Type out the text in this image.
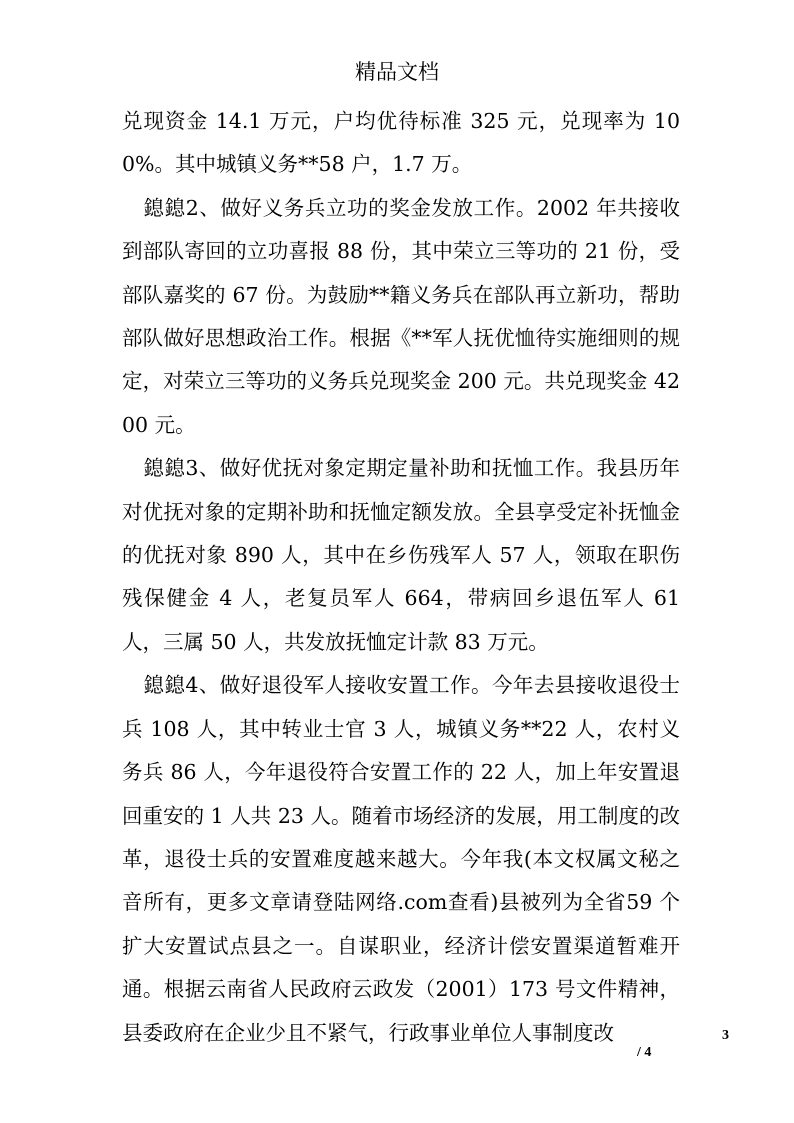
精品文档

兑现资金 14.1 万元，户均优待标准 325 元，兑现率为 100%。其中城镇义务**58 户，1.7 万。

鎴鎴2、做好义务兵立功的奖金发放工作。2002 年共接收到部队寄回的立功喜报 88 份，其中荣立三等功的 21 份，受部队嘉奖的 67 份。为鼓励**籍义务兵在部队再立新功，帮助部队做好思想政治工作。根据《**军人抚优恤待实施细则的规定，对荣立三等功的义务兵兑现奖金 200 元。共兑现奖金 4200 元。

鎴鎴3、做好优抚对象定期定量补助和抚恤工作。我县历年对优抚对象的定期补助和抚恤定额发放。全县享受定补抚恤金的优抚对象 890 人，其中在乡伤残军人 57 人，领取在职伤残保健金 4 人，老复员军人 664，带病回乡退伍军人 61 人，三属 50 人，共发放抚恤定计款 83 万元。

鎴鎴4、做好退役军人接收安置工作。今年去县接收退役士兵 108 人，其中转业士官 3 人，城镇义务**22 人，农村义务兵 86 人，今年退役符合安置工作的 22 人，加上年安置退回重安的 1 人共 23 人。随着市场经济的发展，用工制度的改革，退役士兵的安置难度越来越大。今年我(本文权属文秘之音所有，更多文章请登陆网络.com查看)县被列为全省59 个扩大安置试点县之一。自谋职业，经济计偿安置渠道暂难开通。根据云南省人民政府云政发（2001）173 号文件精神，县委政府在企业少且不紧气，行政事业单位人事制度改	3
/ 4
